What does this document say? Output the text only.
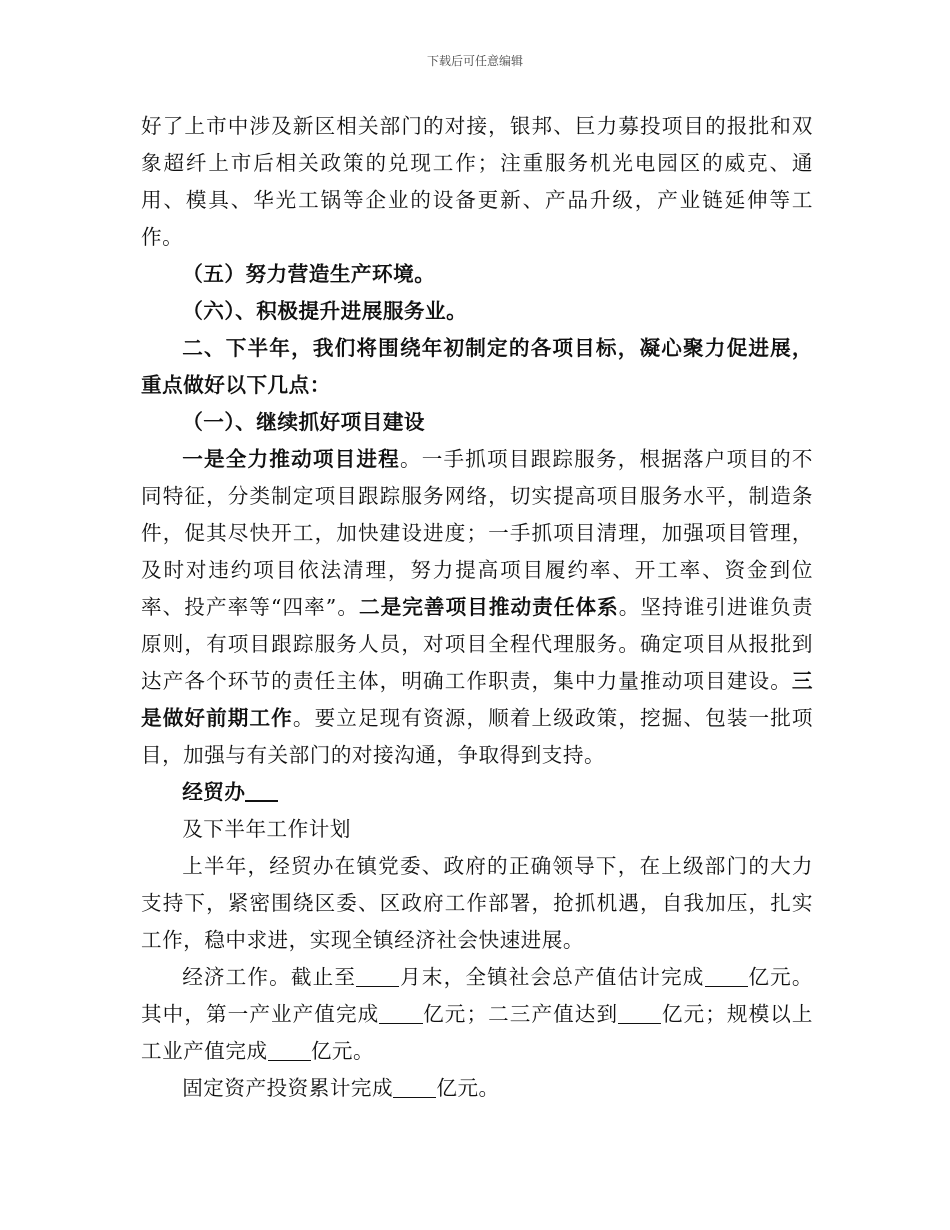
下载后可任意编辑

好了上市中涉及新区相关部门的对接，银邦、巨力募投项目的报批和双象超纤上市后相关政策的兑现工作；注重服务机光电园区的威克、通用、模具、华光工锅等企业的设备更新、产品升级，产业链延伸等工作。

（五）努力营造生产环境。

（六）、积极提升进展服务业。

二、下半年，我们将围绕年初制定的各项目标，凝心聚力促进展，重点做好以下几点：

（一）、继续抓好项目建设

一是全力推动项目进程。一手抓项目跟踪服务，根据落户项目的不同特征，分类制定项目跟踪服务网络，切实提高项目服务水平，制造条件，促其尽快开工，加快建设进度；一手抓项目清理，加强项目管理，及时对违约项目依法清理，努力提高项目履约率、开工率、资金到位率、投产率等“四率”。二是完善项目推动责任体系。坚持谁引进谁负责原则，有项目跟踪服务人员，对项目全程代理服务。确定项目从报批到达产各个环节的责任主体，明确工作职责，集中力量推动项目建设。三是做好前期工作。要立足现有资源，顺着上级政策，挖掘、包装一批项目，加强与有关部门的对接沟通，争取得到支持。

经贸办

及下半年工作计划

上半年，经贸办在镇党委、政府的正确领导下，在上级部门的大力支持下，紧密围绕区委、区政府工作部署，抢抓机遇，自我加压，扎实工作，稳中求进，实现全镇经济社会快速进展。

经济工作。截止至 月末，全镇社会总产值估计完成 亿元。其中，第一产业产值完成 亿元；二三产值达到 亿元；规模以上工业产值完成 亿元。

固定资产投资累计完成 亿元。
